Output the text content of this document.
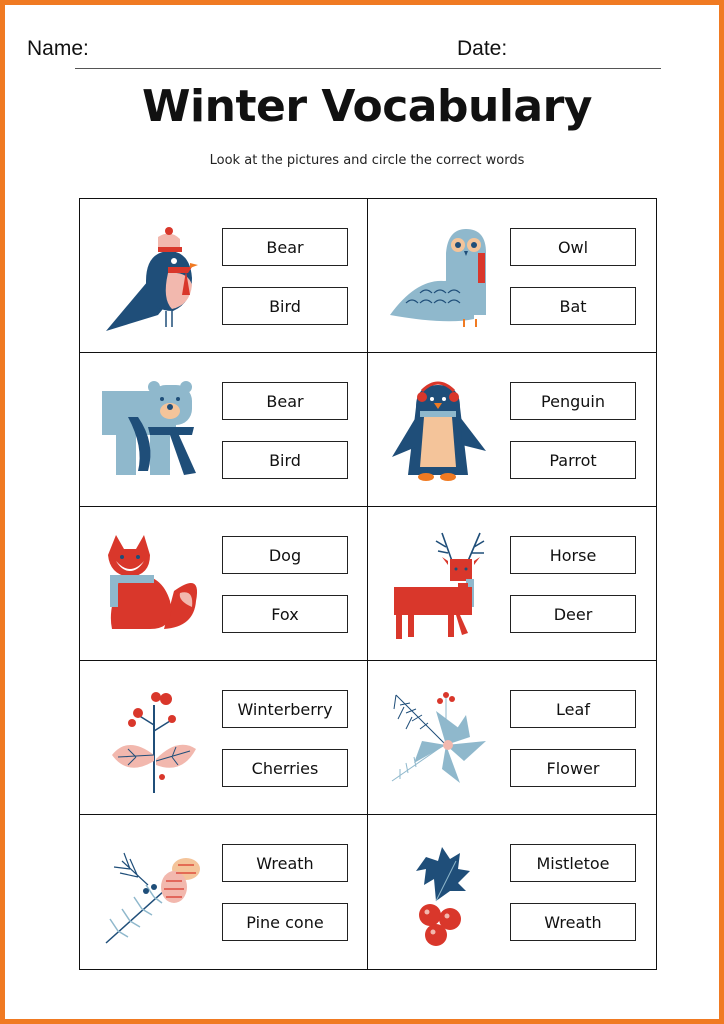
Name:	Date:
Winter Vocabulary
Look at the pictures and circle the correct words
Bear
Bird
Owl
Bat
Bear
Bird
Penguin
Parrot
Dog
Fox
Horse
Deer
Winterberry
Cherries
Leaf
Flower
Wreath
Pine cone
Mistletoe
Wreath
